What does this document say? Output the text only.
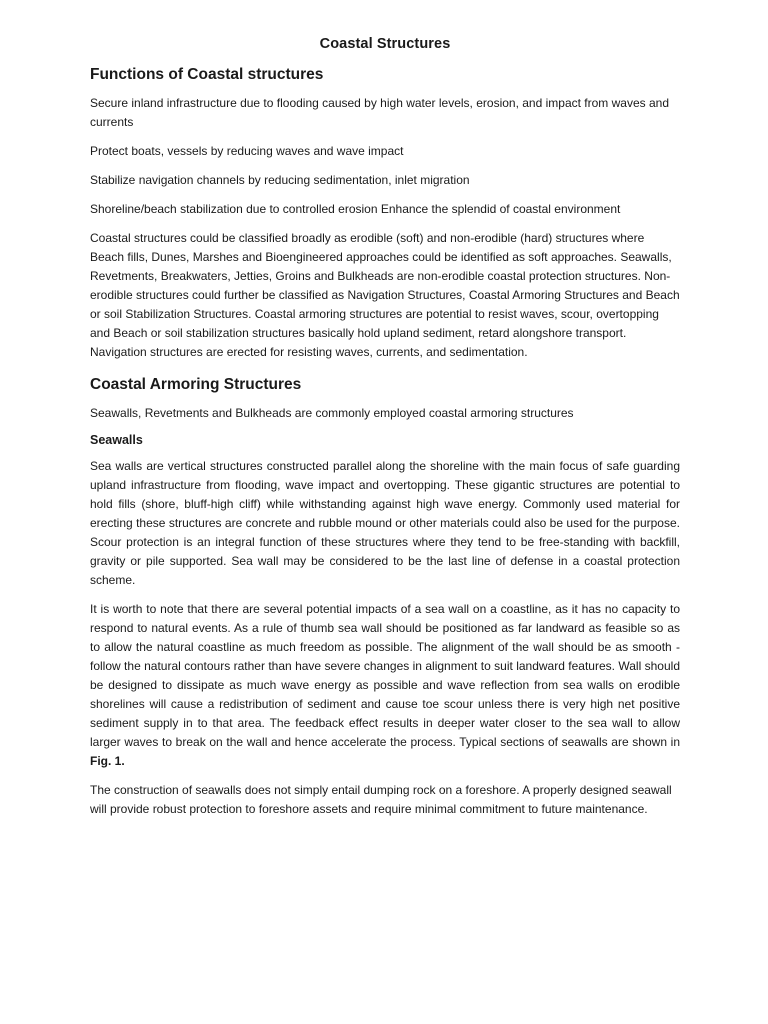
Coastal Structures
Functions of Coastal structures

Secure inland infrastructure due to flooding caused by high water levels, erosion, and impact from waves and currents

Protect boats, vessels by reducing waves and wave impact

Stabilize navigation channels by reducing sedimentation, inlet migration

Shoreline/beach stabilization due to controlled erosion Enhance the splendid of coastal environment

Coastal structures could be classified broadly as erodible (soft) and non-erodible (hard) structures where Beach fills, Dunes, Marshes and Bioengineered approaches could be identified as soft approaches. Seawalls, Revetments, Breakwaters, Jetties, Groins and Bulkheads are non-erodible coastal protection structures. Non-erodible structures could further be classified as Navigation Structures, Coastal Armoring Structures and Beach or soil Stabilization Structures. Coastal armoring structures are potential to resist waves, scour, overtopping and Beach or soil stabilization structures basically hold upland sediment, retard alongshore transport. Navigation structures are erected for resisting waves, currents, and sedimentation.

Coastal Armoring Structures

Seawalls, Revetments and Bulkheads are commonly employed coastal armoring structures

Seawalls

Sea walls are vertical structures constructed parallel along the shoreline with the main focus of safe guarding upland infrastructure from flooding, wave impact and overtopping. These gigantic structures are potential to hold fills (shore, bluff-high cliff) while withstanding against high wave energy. Commonly used material for erecting these structures are concrete and rubble mound or other materials could also be used for the purpose. Scour protection is an integral function of these structures where they tend to be free-standing with backfill, gravity or pile supported. Sea wall may be considered to be the last line of defense in a coastal protection scheme.

It is worth to note that there are several potential impacts of a sea wall on a coastline, as it has no capacity to respond to natural events. As a rule of thumb sea wall should be positioned as far landward as feasible so as to allow the natural coastline as much freedom as possible. The alignment of the wall should be as smooth -follow the natural contours rather than have severe changes in alignment to suit landward features. Wall should be designed to dissipate as much wave energy as possible and wave reflection from sea walls on erodible shorelines will cause a redistribution of sediment and cause toe scour unless there is very high net positive sediment supply in to that area. The feedback effect results in deeper water closer to the sea wall to allow larger waves to break on the wall and hence accelerate the process. Typical sections of seawalls are shown in Fig. 1.

The construction of seawalls does not simply entail dumping rock on a foreshore. A properly designed seawall will provide robust protection to foreshore assets and require minimal commitment to future maintenance.
